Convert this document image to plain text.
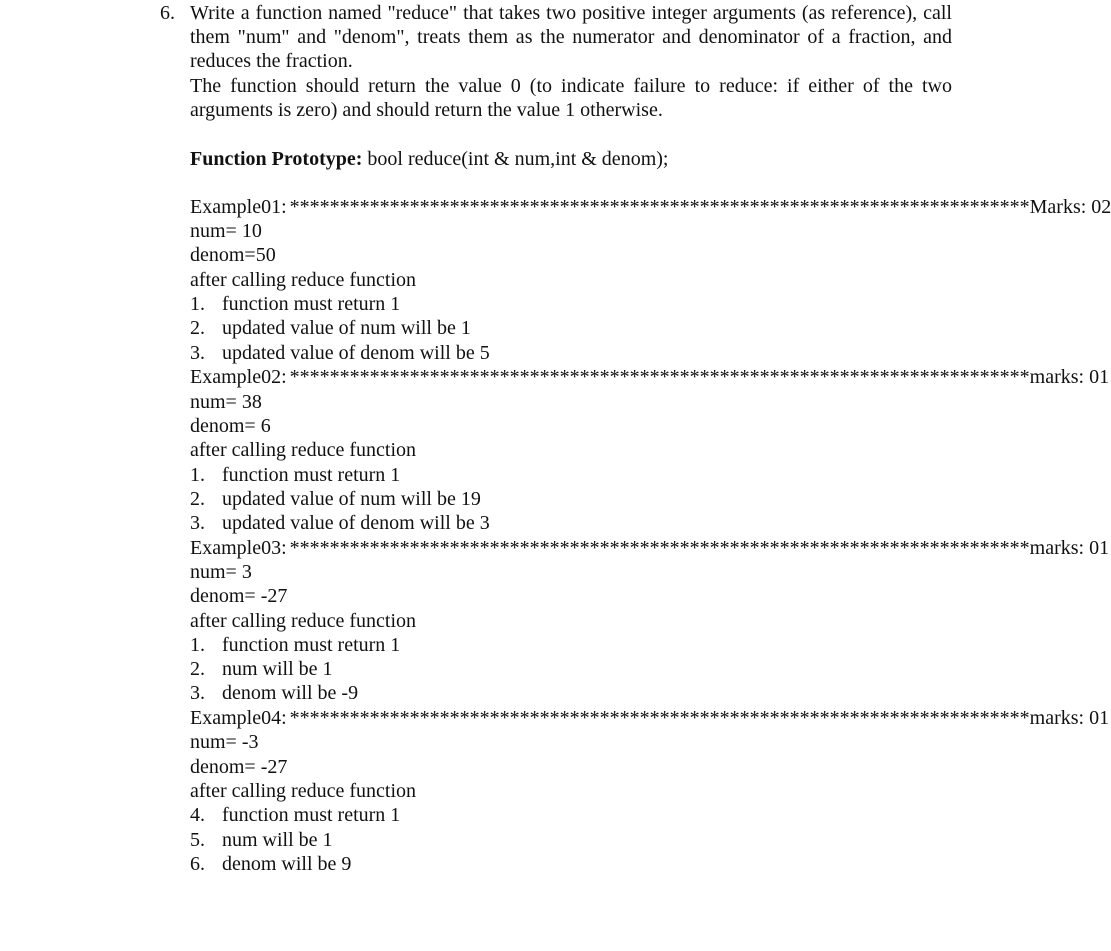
6. Write a function named "reduce" that takes two positive integer arguments (as reference), call them "num" and "denom", treats them as the numerator and denominator of a fraction, and reduces the fraction.
The function should return the value 0 (to indicate failure to reduce: if either of the two arguments is zero) and should return the value 1 otherwise.
Function Prototype: bool reduce(int & num,int & denom);
Example01: ************************************************************************** Marks: 02
num= 10
denom=50
after calling reduce function
1. function must return 1
2. updated value of num will be 1
3. updated value of denom will be 5
Example02: ************************************************************************** marks: 01
num= 38
denom= 6
after calling reduce function
1. function must return 1
2. updated value of num will be 19
3. updated value of denom will be 3
Example03: ************************************************************************** marks: 01
num= 3
denom= -27
after calling reduce function
1. function must return 1
2. num will be 1
3. denom will be -9
Example04: ************************************************************************** marks: 01
num= -3
denom= -27
after calling reduce function
4. function must return 1
5. num will be 1
6. denom will be 9
